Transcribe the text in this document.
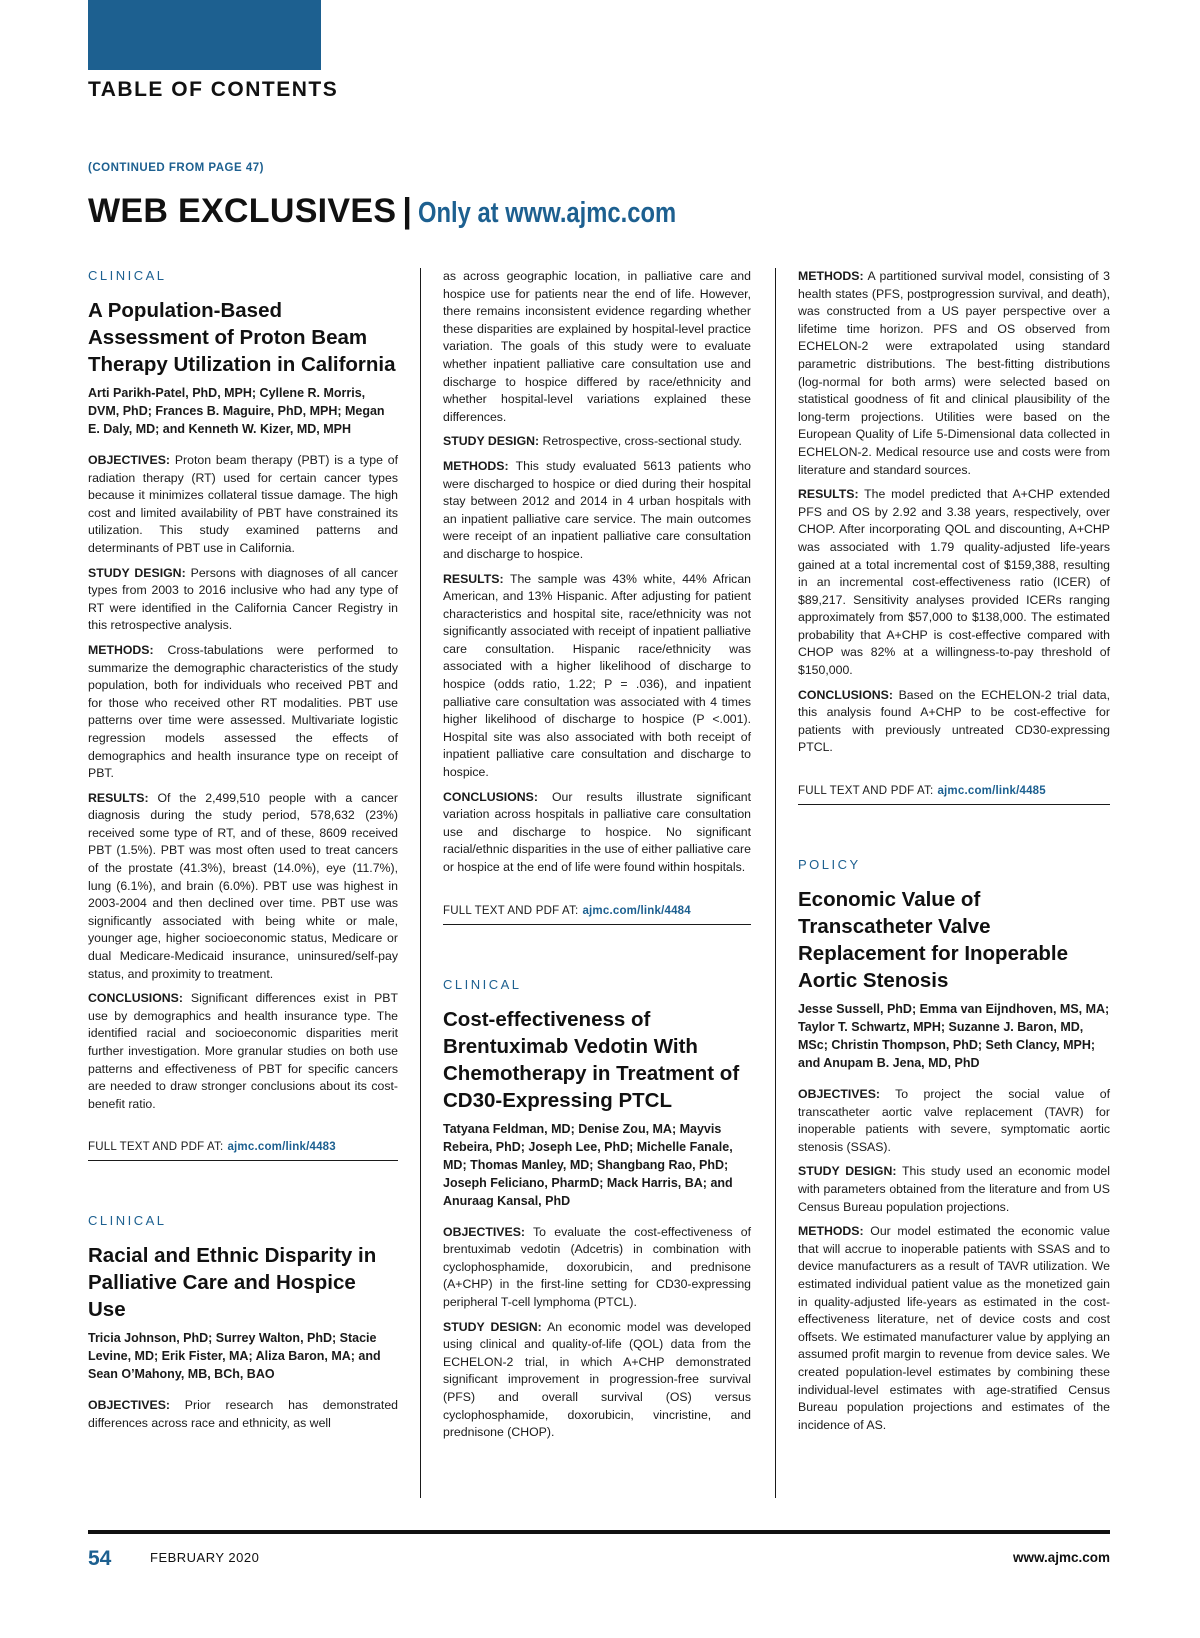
TABLE OF CONTENTS
(CONTINUED FROM PAGE 47)
WEB EXCLUSIVES | Only at www.ajmc.com
CLINICAL
A Population-Based Assessment of Proton Beam Therapy Utilization in California
Arti Parikh-Patel, PhD, MPH; Cyllene R. Morris, DVM, PhD; Frances B. Maguire, PhD, MPH; Megan E. Daly, MD; and Kenneth W. Kizer, MD, MPH

OBJECTIVES: Proton beam therapy (PBT) is a type of radiation therapy (RT) used for certain cancer types because it minimizes collateral tissue damage. The high cost and limited availability of PBT have constrained its utilization. This study examined patterns and determinants of PBT use in California.

STUDY DESIGN: Persons with diagnoses of all cancer types from 2003 to 2016 inclusive who had any type of RT were identified in the California Cancer Registry in this retrospective analysis.

METHODS: Cross-tabulations were performed to summarize the demographic characteristics of the study population, both for individuals who received PBT and for those who received other RT modalities. PBT use patterns over time were assessed. Multivariate logistic regression models assessed the effects of demographics and health insurance type on receipt of PBT.

RESULTS: Of the 2,499,510 people with a cancer diagnosis during the study period, 578,632 (23%) received some type of RT, and of these, 8609 received PBT (1.5%). PBT was most often used to treat cancers of the prostate (41.3%), breast (14.0%), eye (11.7%), lung (6.1%), and brain (6.0%). PBT use was highest in 2003-2004 and then declined over time. PBT use was significantly associated with being white or male, younger age, higher socioeconomic status, Medicare or dual Medicare-Medicaid insurance, uninsured/self-pay status, and proximity to treatment.

CONCLUSIONS: Significant differences exist in PBT use by demographics and health insurance type. The identified racial and socioeconomic disparities merit further investigation. More granular studies on both use patterns and effectiveness of PBT for specific cancers are needed to draw stronger conclusions about its cost-benefit ratio.

FULL TEXT AND PDF AT: ajmc.com/link/4483
CLINICAL
Racial and Ethnic Disparity in Palliative Care and Hospice Use
Tricia Johnson, PhD; Surrey Walton, PhD; Stacie Levine, MD; Erik Fister, MA; Aliza Baron, MA; and Sean O’Mahony, MB, BCh, BAO

OBJECTIVES: Prior research has demonstrated differences across race and ethnicity, as well

as across geographic location, in palliative care and hospice use for patients near the end of life. However, there remains inconsistent evidence regarding whether these disparities are explained by hospital-level practice variation. The goals of this study were to evaluate whether inpatient palliative care consultation use and discharge to hospice differed by race/ethnicity and whether hospital-level variations explained these differences.

STUDY DESIGN: Retrospective, cross-sectional study.

METHODS: This study evaluated 5613 patients who were discharged to hospice or died during their hospital stay between 2012 and 2014 in 4 urban hospitals with an inpatient palliative care service. The main outcomes were receipt of an inpatient palliative care consultation and discharge to hospice.

RESULTS: The sample was 43% white, 44% African American, and 13% Hispanic. After adjusting for patient characteristics and hospital site, race/ethnicity was not significantly associated with receipt of inpatient palliative care consultation. Hispanic race/ethnicity was associated with a higher likelihood of discharge to hospice (odds ratio, 1.22; P = .036), and inpatient palliative care consultation was associated with 4 times higher likelihood of discharge to hospice (P <.001). Hospital site was also associated with both receipt of inpatient palliative care consultation and discharge to hospice.

CONCLUSIONS: Our results illustrate significant variation across hospitals in palliative care consultation use and discharge to hospice. No significant racial/ethnic disparities in the use of either palliative care or hospice at the end of life were found within hospitals.

FULL TEXT AND PDF AT: ajmc.com/link/4484
CLINICAL
Cost-effectiveness of Brentuximab Vedotin With Chemotherapy in Treatment of CD30-Expressing PTCL
Tatyana Feldman, MD; Denise Zou, MA; Mayvis Rebeira, PhD; Joseph Lee, PhD; Michelle Fanale, MD; Thomas Manley, MD; Shangbang Rao, PhD; Joseph Feliciano, PharmD; Mack Harris, BA; and Anuraag Kansal, PhD

OBJECTIVES: To evaluate the cost-effectiveness of brentuximab vedotin (Adcetris) in combination with cyclophosphamide, doxorubicin, and prednisone (A+CHP) in the first-line setting for CD30-expressing peripheral T-cell lymphoma (PTCL).

STUDY DESIGN: An economic model was developed using clinical and quality-of-life (QOL) data from the ECHELON-2 trial, in which A+CHP demonstrated significant improvement in progression-free survival (PFS) and overall survival (OS) versus cyclophosphamide, doxorubicin, vincristine, and prednisone (CHOP).

METHODS: A partitioned survival model, consisting of 3 health states (PFS, postprogression survival, and death), was constructed from a US payer perspective over a lifetime time horizon. PFS and OS observed from ECHELON-2 were extrapolated using standard parametric distributions. The best-fitting distributions (log-normal for both arms) were selected based on statistical goodness of fit and clinical plausibility of the long-term projections. Utilities were based on the European Quality of Life 5-Dimensional data collected in ECHELON-2. Medical resource use and costs were from literature and standard sources.

RESULTS: The model predicted that A+CHP extended PFS and OS by 2.92 and 3.38 years, respectively, over CHOP. After incorporating QOL and discounting, A+CHP was associated with 1.79 quality-adjusted life-years gained at a total incremental cost of $159,388, resulting in an incremental cost-effectiveness ratio (ICER) of $89,217. Sensitivity analyses provided ICERs ranging approximately from $57,000 to $138,000. The estimated probability that A+CHP is cost-effective compared with CHOP was 82% at a willingness-to-pay threshold of $150,000.

CONCLUSIONS: Based on the ECHELON-2 trial data, this analysis found A+CHP to be cost-effective for patients with previously untreated CD30-expressing PTCL.

FULL TEXT AND PDF AT: ajmc.com/link/4485
POLICY
Economic Value of Transcatheter Valve Replacement for Inoperable Aortic Stenosis
Jesse Sussell, PhD; Emma van Eijndhoven, MS, MA; Taylor T. Schwartz, MPH; Suzanne J. Baron, MD, MSc; Christin Thompson, PhD; Seth Clancy, MPH; and Anupam B. Jena, MD, PhD

OBJECTIVES: To project the social value of transcatheter aortic valve replacement (TAVR) for inoperable patients with severe, symptomatic aortic stenosis (SSAS).

STUDY DESIGN: This study used an economic model with parameters obtained from the literature and from US Census Bureau population projections.

METHODS: Our model estimated the economic value that will accrue to inoperable patients with SSAS and to device manufacturers as a result of TAVR utilization. We estimated individual patient value as the monetized gain in quality-adjusted life-years as estimated in the cost-effectiveness literature, net of device costs and cost offsets. We estimated manufacturer value by applying an assumed profit margin to revenue from device sales. We created population-level estimates by combining these individual-level estimates with age-stratified Census Bureau population projections and estimates of the incidence of AS.

54	FEBRUARY 2020	www.ajmc.com
